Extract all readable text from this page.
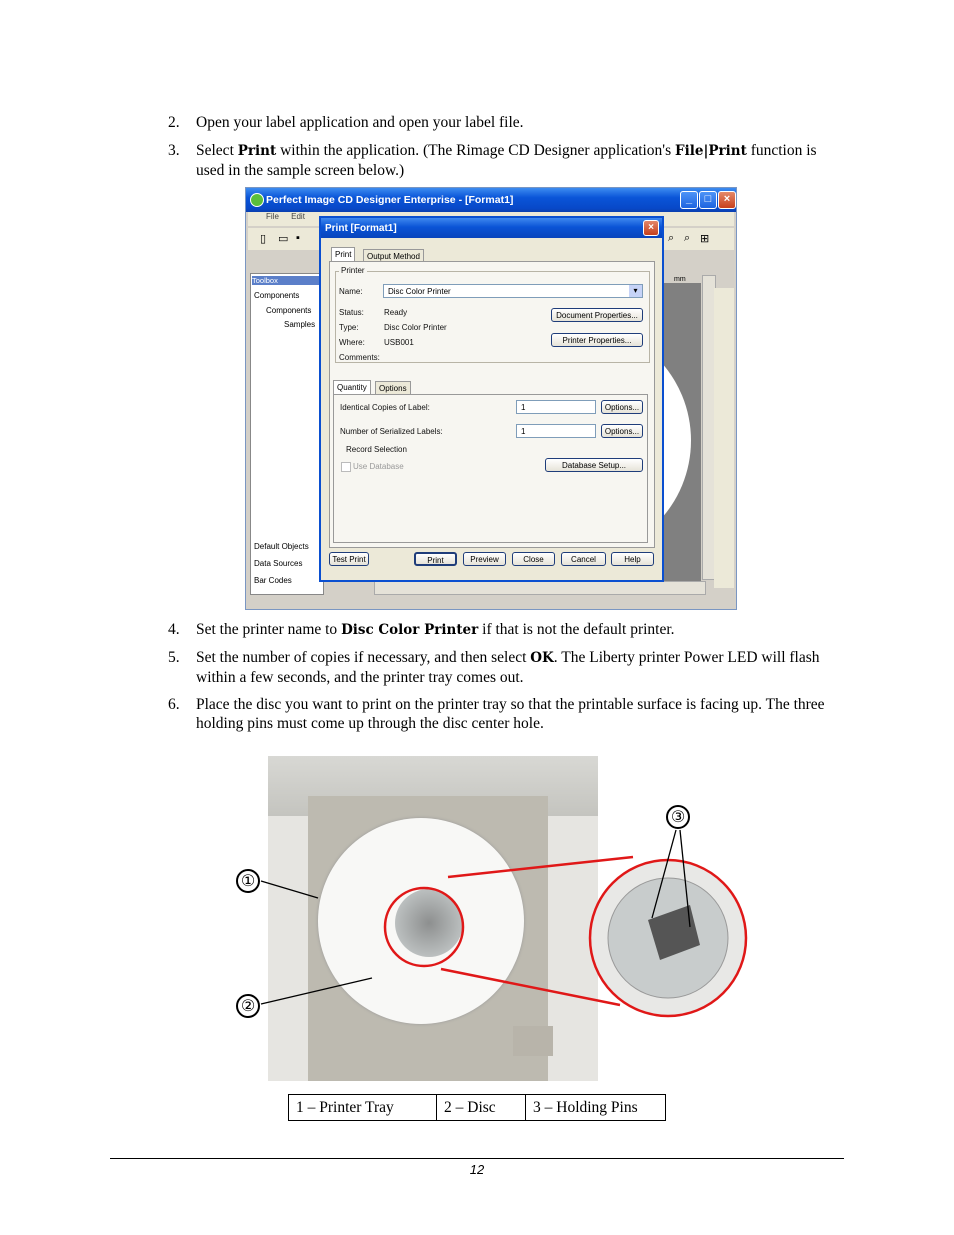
2. Open your label application and open your label file.
3. Select Print within the application. (The Rimage CD Designer application's File|Print function is used in the sample screen below.)
Perfect Image CD Designer Enterprise - [Format1]	_	□	×
File Edit
▯ ▭ ▪	⌕ ⌕ ⊞
Toolbox
Components
Components
Samples
Default Objects
Data Sources
Bar Codes
mm
Print [Format1]	×
Print	Output Method
Printer
Name:	Disc Color Printer	▾
Status:	Ready
Type:	Disc Color Printer
Where: USB001
Comments:
Document Properties...
Printer Properties...
Quantity	Options
Identical Copies of Label:	1	Options...
Number of Serialized Labels:	1	Options...
Record Selection
Use Database	Database Setup...
Test Print	Print	Preview	Close	Cancel	Help
4. Set the printer name to Disc Color Printer if that is not the default printer.
5. Set the number of copies if necessary, and then select OK. The Liberty printer Power LED will flash within a few seconds, and the printer tray comes out.
6. Place the disc you want to print on the printer tray so that the printable surface is facing up. The three holding pins must come up through the disc center hole.
①
②
③
1 – Printer Tray	2 – Disc	3 – Holding Pins
12
